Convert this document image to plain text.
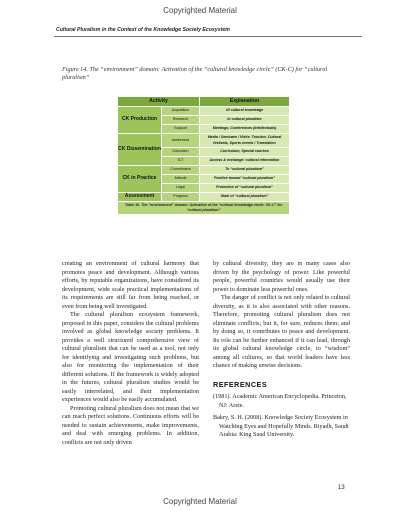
Copyrighted Material
Cultural Pluralism in the Context of the Knowledge Society Ecosystem
Figure 14. The “environment” domain: Activation of the “cultural knowledge circle” (CK-C) for “cultural pluralism”
Activity		Explanation
CK Production	Acquisition	Of cultural knowledge
	Research	In cultural pluralism
	Support	Meetings, Conferences (intellectuals)
CK Dissemination	Awareness	Media / Seminars / Visits: Tourism, Cultural festivals, Sports events / Translation
	Education	Curriculum, Special courses
	ICT	Access & exchange: cultural information
CK in Practice	Commitment	To “cultural pluralism”
	Attitude	Positive toward “cultural pluralism”
	Legal	Protection of “cultural pluralism”
Assessment	Progress	State of “cultural pluralism”
Table 10. The “environment” domain: Activation of the “cultural knowledge circle: CK-C” for “cultural pluralism”		

creating an environment of cultural harmony that promotes peace and development. Although various efforts, by reputable organizations, have considered its development, wide scale practical implementations of its requirements are still far from being reached, or even from being well investigated.

The cultural pluralism ecosystem framework, proposed in this paper, considers the cultural problems involved as global knowledge society problems. It provides a well structured comprehensive view of cultural pluralism that can be used as a tool, not only for identifying and investigating such problems, but also for monitoring the implementation of their different solutions. If the framework is widely adopted in the futures, cultural pluralism studies would be easily interrelated, and their implementation experiences would also be easily accumulated.

Promoting cultural pluralism does not mean that we can reach perfect solutions. Continuous efforts will be needed to sustain achievements, make improvements, and deal with emerging problems. In addition, conflicts are not only driven

by cultural diversity, they are in many cases also driven by the psychology of power. Like powerful people, powerful countries would usually use their power to dominate less powerful ones.

The danger of conflict is not only related to cultural diversity, as it is also associated with other reasons. Therefore, promoting cultural pluralism does not eliminate conflicts; but it, for sure, reduces them; and by doing so, it contributes to peace and development. Its role can be further enhanced if it can lead, through its global cultural knowledge circle, to “wisdom” among all cultures, so that world leaders have less chance of making unwise decisions.

REFERENCES

(1981). Academic American Encyclopedia. Princeton, NJ: Arete.

Bakry, S. H. (2008). Knowledge Society Ecosystem in Watching Eyes and Hopefully Minds. Riyadh, Saudi Arabia: King Saud University.

13
Copyrighted Material
